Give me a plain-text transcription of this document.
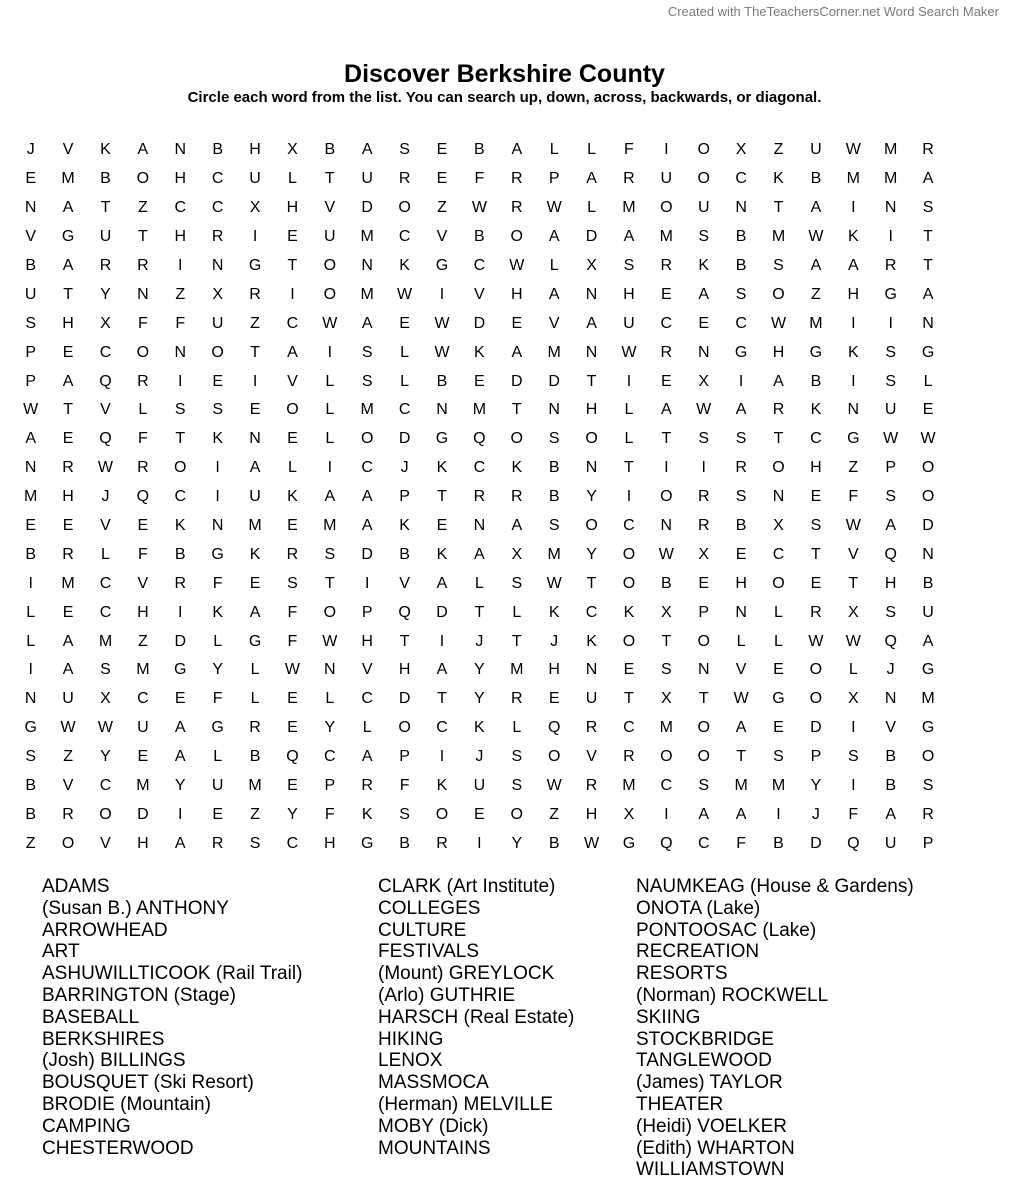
Created with TheTeachersCorner.net Word Search Maker
Discover Berkshire County
Circle each word from the list. You can search up, down, across, backwards, or diagonal.
J	V	K	A	N	B	H	X	B	A	S	E	B	A	L	L	F	I	O	X	Z	U	W	M	R
E	M	B	O	H	C	U	L	T	U	R	E	F	R	P	A	R	U	O	C	K	B	M	M	A
N	A	T	Z	C	C	X	H	V	D	O	Z	W	R	W	L	M	O	U	N	T	A	I	N	S
V	G	U	T	H	R	I	E	U	M	C	V	B	O	A	D	A	M	S	B	M	W	K	I	T
B	A	R	R	I	N	G	T	O	N	K	G	C	W	L	X	S	R	K	B	S	A	A	R	T
U	T	Y	N	Z	X	R	I	O	M	W	I	V	H	A	N	H	E	A	S	O	Z	H	G	A
S	H	X	F	F	U	Z	C	W	A	E	W	D	E	V	A	U	C	E	C	W	M	I	I	N
P	E	C	O	N	O	T	A	I	S	L	W	K	A	M	N	W	R	N	G	H	G	K	S	G
P	A	Q	R	I	E	I	V	L	S	L	B	E	D	D	T	I	E	X	I	A	B	I	S	L
W	T	V	L	S	S	E	O	L	M	C	N	M	T	N	H	L	A	W	A	R	K	N	U	E
A	E	Q	F	T	K	N	E	L	O	D	G	Q	O	S	O	L	T	S	S	T	C	G	W	W
N	R	W	R	O	I	A	L	I	C	J	K	C	K	B	N	T	I	I	R	O	H	Z	P	O
M	H	J	Q	C	I	U	K	A	A	P	T	R	R	B	Y	I	O	R	S	N	E	F	S	O
E	E	V	E	K	N	M	E	M	A	K	E	N	A	S	O	C	N	R	B	X	S	W	A	D
B	R	L	F	B	G	K	R	S	D	B	K	A	X	M	Y	O	W	X	E	C	T	V	Q	N
I	M	C	V	R	F	E	S	T	I	V	A	L	S	W	T	O	B	E	H	O	E	T	H	B
L	E	C	H	I	K	A	F	O	P	Q	D	T	L	K	C	K	X	P	N	L	R	X	S	U
L	A	M	Z	D	L	G	F	W	H	T	I	J	T	J	K	O	T	O	L	L	W	W	Q	A
I	A	S	M	G	Y	L	W	N	V	H	A	Y	M	H	N	E	S	N	V	E	O	L	J	G
N	U	X	C	E	F	L	E	L	C	D	T	Y	R	E	U	T	X	T	W	G	O	X	N	M
G	W	W	U	A	G	R	E	Y	L	O	C	K	L	Q	R	C	M	O	A	E	D	I	V	G
S	Z	Y	E	A	L	B	Q	C	A	P	I	J	S	O	V	R	O	O	T	S	P	S	B	O
B	V	C	M	Y	U	M	E	P	R	F	K	U	S	W	R	M	C	S	M	M	Y	I	B	S
B	R	O	D	I	E	Z	Y	F	K	S	O	E	O	Z	H	X	I	A	A	I	J	F	A	R
Z	O	V	H	A	R	S	C	H	G	B	R	I	Y	B	W	G	Q	C	F	B	D	Q	U	P
ADAMS
(Susan B.) ANTHONY
ARROWHEAD
ART
ASHUWILLTICOOK (Rail Trail)
BARRINGTON (Stage)
BASEBALL
BERKSHIRES
(Josh) BILLINGS
BOUSQUET (Ski Resort)
BRODIE (Mountain)
CAMPING
CHESTERWOOD
CLARK (Art Institute)
COLLEGES
CULTURE
FESTIVALS
(Mount) GREYLOCK
(Arlo) GUTHRIE
HARSCH (Real Estate)
HIKING
LENOX
MASSMOCA
(Herman) MELVILLE
MOBY (Dick)
MOUNTAINS
NAUMKEAG (House & Gardens)
ONOTA (Lake)
PONTOOSAC (Lake)
RECREATION
RESORTS
(Norman) ROCKWELL
SKIING
STOCKBRIDGE
TANGLEWOOD
(James) TAYLOR
THEATER
(Heidi) VOELKER
(Edith) WHARTON
WILLIAMSTOWN
